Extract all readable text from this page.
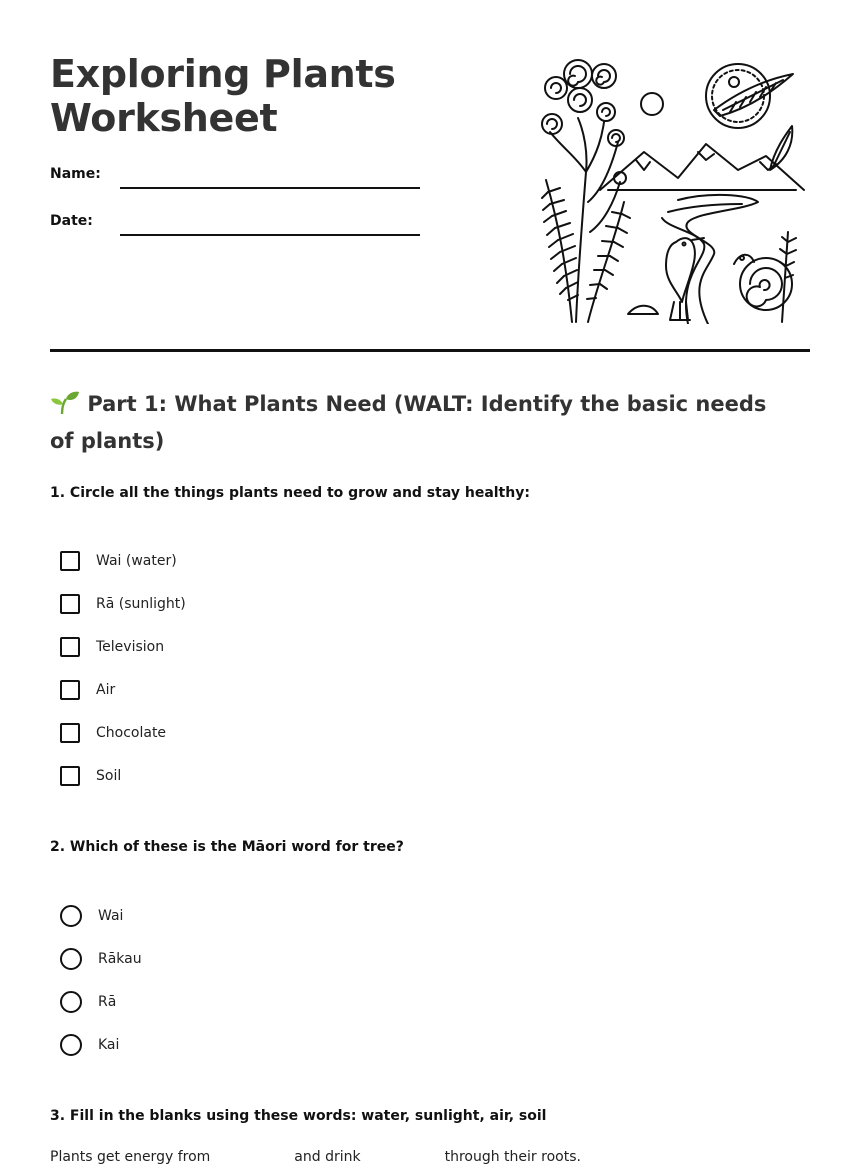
Exploring Plants Worksheet
Name:
Date:
Part 1: What Plants Need (WALT: Identify the basic needs of plants)
1. Circle all the things plants need to grow and stay healthy:
Wai (water)
Rā (sunlight)
Television
Air
Chocolate
Soil
2. Which of these is the Māori word for tree?
Wai
Rākau
Rā
Kai
3. Fill in the blanks using these words: water, sunlight, air, soil
Plants get energy from	and drink	through their roots.
